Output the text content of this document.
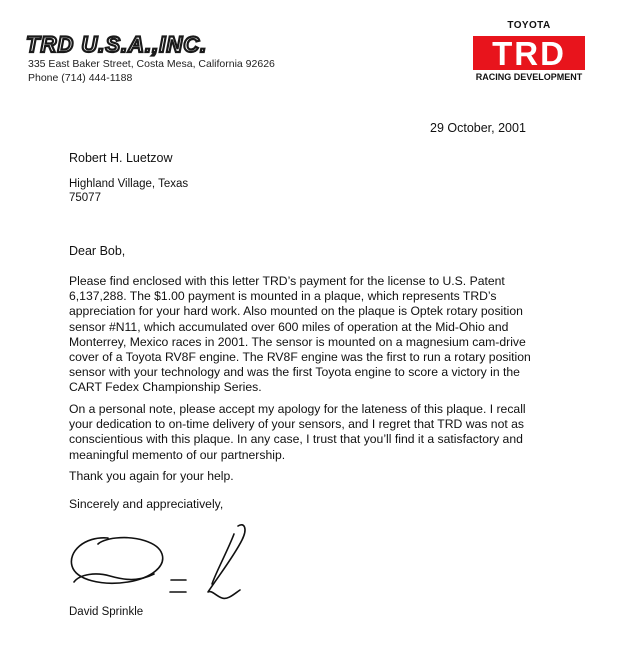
TRD U.S.A.,INC.
335 East Baker Street, Costa Mesa, California 92626
Phone (714) 444-1188
TOYOTA
TRD
RACING DEVELOPMENT
29 October, 2001
Robert H. Luetzow
Highland Village, Texas
75077
Dear Bob,
Please find enclosed with this letter TRD’s payment for the license to U.S. Patent
6,137,288. The $1.00 payment is mounted in a plaque, which represents TRD’s
appreciation for your hard work. Also mounted on the plaque is Optek rotary position
sensor #N11, which accumulated over 600 miles of operation at the Mid-Ohio and
Monterrey, Mexico races in 2001. The sensor is mounted on a magnesium cam-drive
cover of a Toyota RV8F engine. The RV8F engine was the first to run a rotary position
sensor with your technology and was the first Toyota engine to score a victory in the
CART Fedex Championship Series.
On a personal note, please accept my apology for the lateness of this plaque. I recall
your dedication to on-time delivery of your sensors, and I regret that TRD was not as
conscientious with this plaque. In any case, I trust that you’ll find it a satisfactory and
meaningful memento of our partnership.
Thank you again for your help.
Sincerely and appreciatively,
David Sprinkle
